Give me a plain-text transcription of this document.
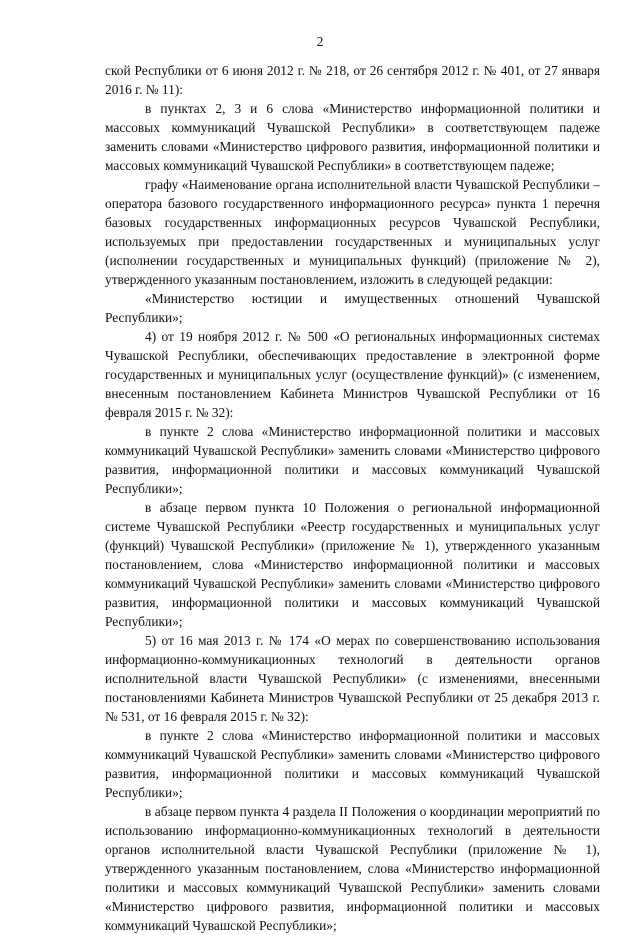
2

ской Республики от 6 июня 2012 г. № 218, от 26 сентября 2012 г. № 401, от 27 января 2016 г. № 11):

в пунктах 2, 3 и 6 слова «Министерство информационной политики и массовых коммуникаций Чувашской Республики» в соответствующем падеже заменить словами «Министерство цифрового развития, информационной политики и массовых коммуникаций Чувашской Республики» в соответствующем падеже;

графу «Наименование органа исполнительной власти Чувашской Республики – оператора базового государственного информационного ресурса» пункта 1 перечня базовых государственных информационных ресурсов Чувашской Республики, используемых при предоставлении государственных и муниципальных услуг (исполнении государственных и муниципальных функций) (приложение № 2), утвержденного указанным постановлением, изложить в следующей редакции:

«Министерство юстиции и имущественных отношений Чувашской Республики»;

4) от 19 ноября 2012 г. № 500 «О региональных информационных системах Чувашской Республики, обеспечивающих предоставление в электронной форме государственных и муниципальных услуг (осуществление функций)» (с изменением, внесенным постановлением Кабинета Министров Чувашской Республики от 16 февраля 2015 г. № 32):

в пункте 2 слова «Министерство информационной политики и массовых коммуникаций Чувашской Республики» заменить словами «Министерство цифрового развития, информационной политики и массовых коммуникаций Чувашской Республики»;

в абзаце первом пункта 10 Положения о региональной информационной системе Чувашской Республики «Реестр государственных и муниципальных услуг (функций) Чувашской Республики» (приложение № 1), утвержденного указанным постановлением, слова «Министерство информационной политики и массовых коммуникаций Чувашской Республики» заменить словами «Министерство цифрового развития, информационной политики и массовых коммуникаций Чувашской Республики»;

5) от 16 мая 2013 г. № 174 «О мерах по совершенствованию использования информационно-коммуникационных технологий в деятельности органов исполнительной власти Чувашской Республики» (с изменениями, внесенными постановлениями Кабинета Министров Чувашской Республики от 25 декабря 2013 г. № 531, от 16 февраля 2015 г. № 32):

в пункте 2 слова «Министерство информационной политики и массовых коммуникаций Чувашской Республики» заменить словами «Министерство цифрового развития, информационной политики и массовых коммуникаций Чувашской Республики»;

в абзаце первом пункта 4 раздела II Положения о координации мероприятий по использованию информационно-коммуникационных технологий в деятельности органов исполнительной власти Чувашской Республики (приложение № 1), утвержденного указанным постановлением, слова «Министерство информационной политики и массовых коммуникаций Чувашской Республики» заменить словами «Министерство цифрового развития, информационной политики и массовых коммуникаций Чувашской Республики»;
